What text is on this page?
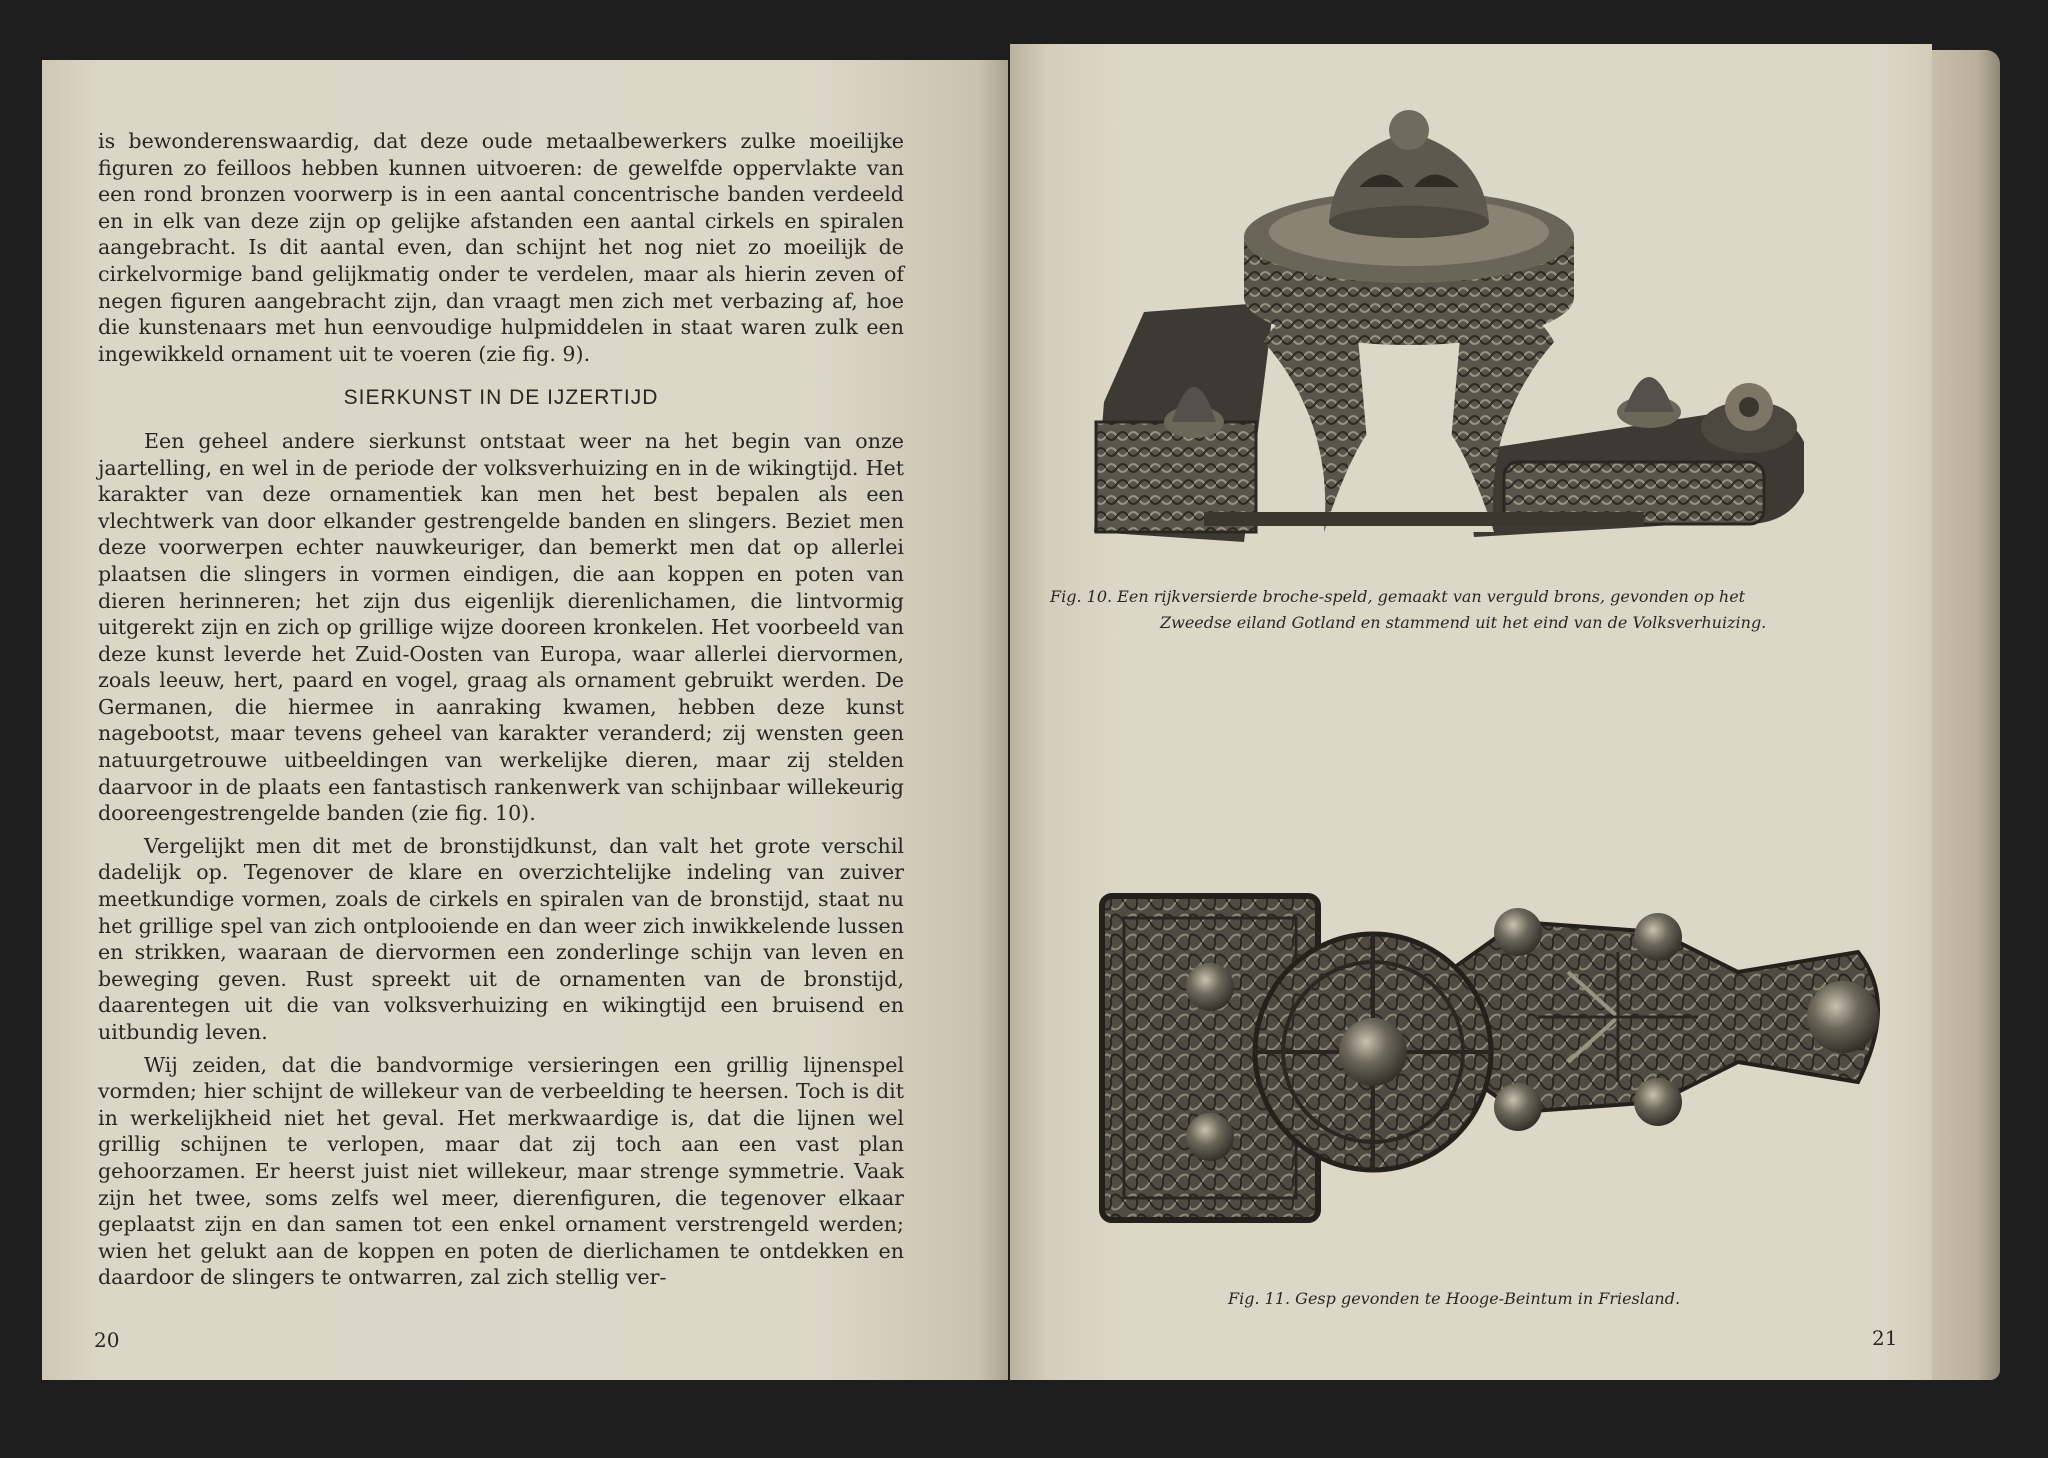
is bewonderenswaardig, dat deze oude metaalbewerkers zulke moeilijke figuren zo feilloos hebben kunnen uitvoeren: de gewelfde oppervlakte van een rond bronzen voorwerp is in een aantal concentrische banden verdeeld en in elk van deze zijn op gelijke afstanden een aantal cirkels en spiralen aangebracht. Is dit aantal even, dan schijnt het nog niet zo moeilijk de cirkelvormige band gelijkmatig onder te verdelen, maar als hierin zeven of negen figuren aangebracht zijn, dan vraagt men zich met verbazing af, hoe die kunstenaars met hun eenvoudige hulpmiddelen in staat waren zulk een ingewikkeld ornament uit te voeren (zie fig. 9).

SIERKUNST IN DE IJZERTIJD

Een geheel andere sierkunst ontstaat weer na het begin van onze jaartelling, en wel in de periode der volksverhuizing en in de wikingtijd. Het karakter van deze ornamentiek kan men het best bepalen als een vlechtwerk van door elkander gestrengelde banden en slingers. Beziet men deze voorwerpen echter nauwkeuriger, dan bemerkt men dat op allerlei plaatsen die slingers in vormen eindigen, die aan koppen en poten van dieren herinneren; het zijn dus eigenlijk dierenlichamen, die lintvormig uitgerekt zijn en zich op grillige wijze dooreen kronkelen. Het voorbeeld van deze kunst leverde het Zuid-Oosten van Europa, waar allerlei diervormen, zoals leeuw, hert, paard en vogel, graag als ornament gebruikt werden. De Germanen, die hiermee in aanraking kwamen, hebben deze kunst nagebootst, maar tevens geheel van karakter veranderd; zij wensten geen natuurgetrouwe uitbeeldingen van werkelijke dieren, maar zij stelden daarvoor in de plaats een fantastisch rankenwerk van schijnbaar willekeurig dooreengestrengelde banden (zie fig. 10).

Vergelijkt men dit met de bronstijdkunst, dan valt het grote verschil dadelijk op. Tegenover de klare en overzichtelijke indeling van zuiver meetkundige vormen, zoals de cirkels en spiralen van de bronstijd, staat nu het grillige spel van zich ontplooiende en dan weer zich inwikkelende lussen en strikken, waaraan de diervormen een zonderlinge schijn van leven en beweging geven. Rust spreekt uit de ornamenten van de bronstijd, daarentegen uit die van volksverhuizing en wikingtijd een bruisend en uitbundig leven.

Wij zeiden, dat die bandvormige versieringen een grillig lijnenspel vormden; hier schijnt de willekeur van de verbeelding te heersen. Toch is dit in werkelijkheid niet het geval. Het merkwaardige is, dat die lijnen wel grillig schijnen te verlopen, maar dat zij toch aan een vast plan gehoorzamen. Er heerst juist niet willekeur, maar strenge symmetrie. Vaak zijn het twee, soms zelfs wel meer, dierenfiguren, die tegenover elkaar geplaatst zijn en dan samen tot een enkel ornament verstrengeld werden; wien het gelukt aan de koppen en poten de dierlichamen te ontdekken en daardoor de slingers te ontwarren, zal zich stellig ver-

20
Fig. 10. Een rijkversierde broche-speld, gemaakt van verguld brons, gevonden op het
Zweedse eiland Gotland en stammend uit het eind van de Volksverhuizing.
Fig. 11. Gesp gevonden te Hooge-Beintum in Friesland.
21
